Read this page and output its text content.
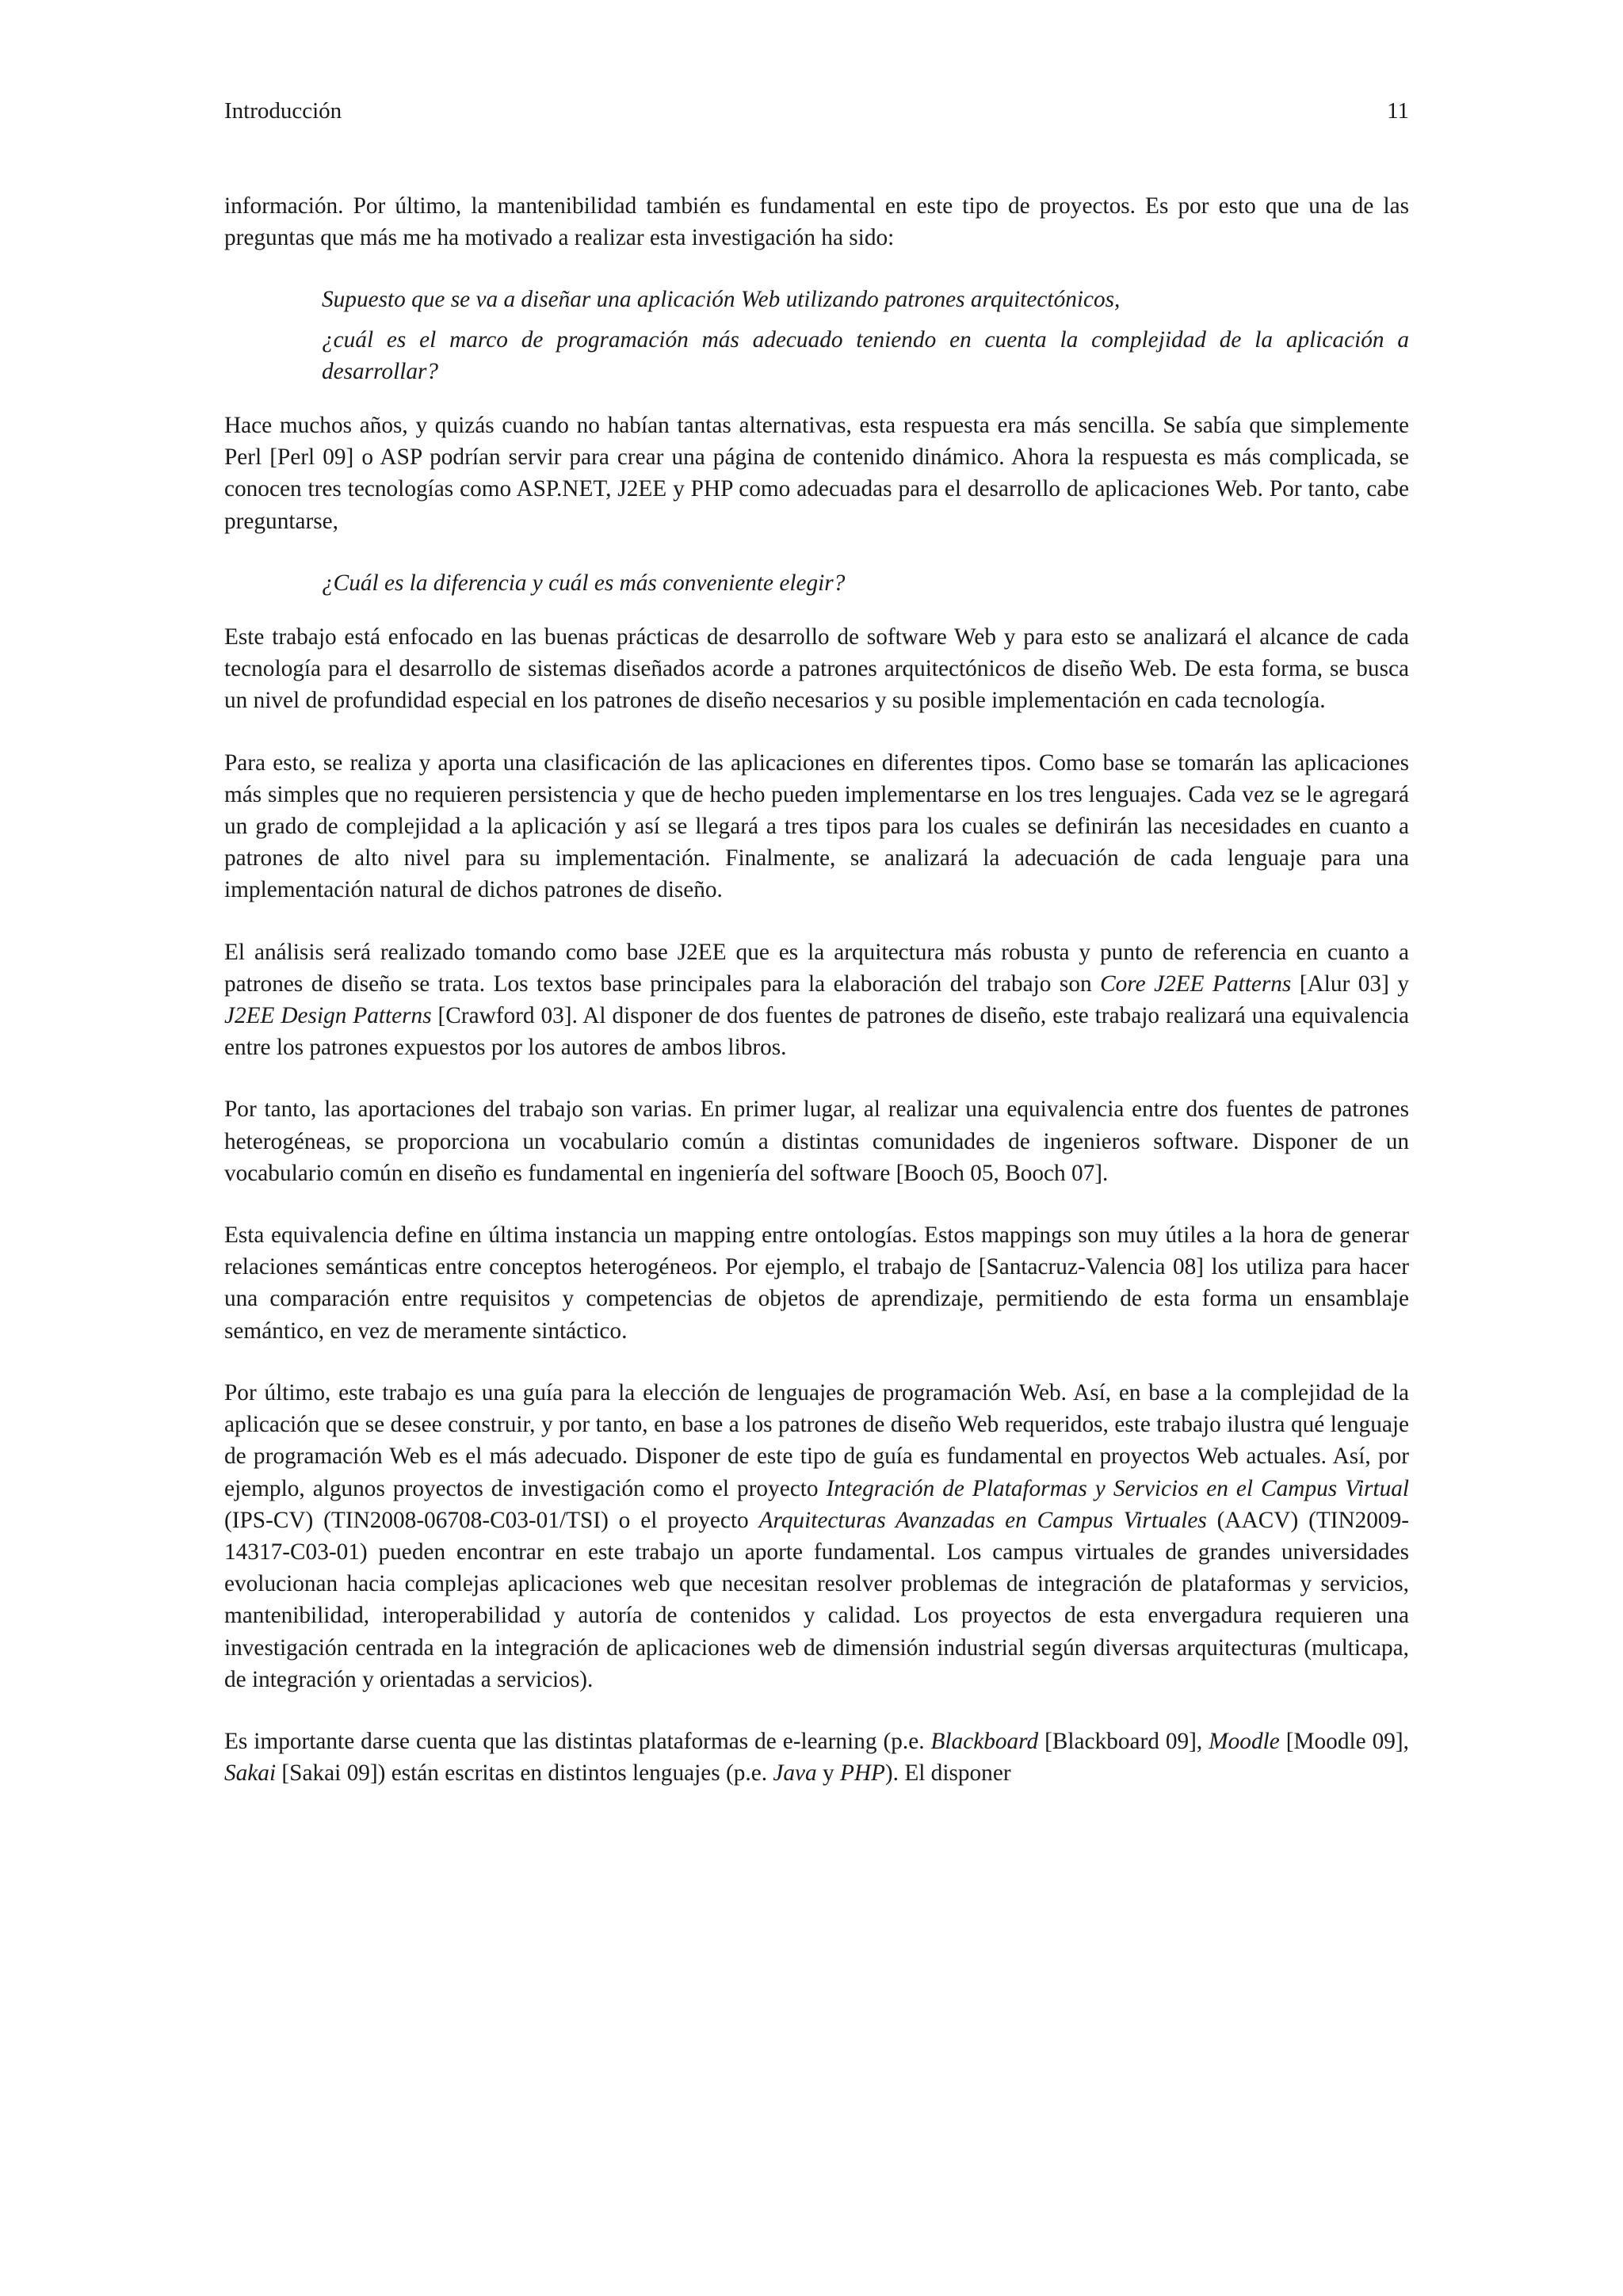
Introducción	11

información. Por último, la mantenibilidad también es fundamental en este tipo de proyectos. Es por esto que una de las preguntas que más me ha motivado a realizar esta investigación ha sido:

Supuesto que se va a diseñar una aplicación Web utilizando patrones arquitectónicos,

¿cuál es el marco de programación más adecuado teniendo en cuenta la complejidad de la aplicación a desarrollar?

Hace muchos años, y quizás cuando no habían tantas alternativas, esta respuesta era más sencilla. Se sabía que simplemente Perl [Perl 09] o ASP podrían servir para crear una página de contenido dinámico. Ahora la respuesta es más complicada, se conocen tres tecnologías como ASP.NET, J2EE y PHP como adecuadas para el desarrollo de aplicaciones Web. Por tanto, cabe preguntarse,

¿Cuál es la diferencia y cuál es más conveniente elegir?

Este trabajo está enfocado en las buenas prácticas de desarrollo de software Web y para esto se analizará el alcance de cada tecnología para el desarrollo de sistemas diseñados acorde a patrones arquitectónicos de diseño Web. De esta forma, se busca un nivel de profundidad especial en los patrones de diseño necesarios y su posible implementación en cada tecnología.

Para esto, se realiza y aporta una clasificación de las aplicaciones en diferentes tipos. Como base se tomarán las aplicaciones más simples que no requieren persistencia y que de hecho pueden implementarse en los tres lenguajes. Cada vez se le agregará un grado de complejidad a la aplicación y así se llegará a tres tipos para los cuales se definirán las necesidades en cuanto a patrones de alto nivel para su implementación. Finalmente, se analizará la adecuación de cada lenguaje para una implementación natural de dichos patrones de diseño.

El análisis será realizado tomando como base J2EE que es la arquitectura más robusta y punto de referencia en cuanto a patrones de diseño se trata. Los textos base principales para la elaboración del trabajo son Core J2EE Patterns [Alur 03] y J2EE Design Patterns [Crawford 03]. Al disponer de dos fuentes de patrones de diseño, este trabajo realizará una equivalencia entre los patrones expuestos por los autores de ambos libros.

Por tanto, las aportaciones del trabajo son varias. En primer lugar, al realizar una equivalencia entre dos fuentes de patrones heterogéneas, se proporciona un vocabulario común a distintas comunidades de ingenieros software. Disponer de un vocabulario común en diseño es fundamental en ingeniería del software [Booch 05, Booch 07].

Esta equivalencia define en última instancia un mapping entre ontologías. Estos mappings son muy útiles a la hora de generar relaciones semánticas entre conceptos heterogéneos. Por ejemplo, el trabajo de [Santacruz-Valencia 08] los utiliza para hacer una comparación entre requisitos y competencias de objetos de aprendizaje, permitiendo de esta forma un ensamblaje semántico, en vez de meramente sintáctico.

Por último, este trabajo es una guía para la elección de lenguajes de programación Web. Así, en base a la complejidad de la aplicación que se desee construir, y por tanto, en base a los patrones de diseño Web requeridos, este trabajo ilustra qué lenguaje de programación Web es el más adecuado. Disponer de este tipo de guía es fundamental en proyectos Web actuales. Así, por ejemplo, algunos proyectos de investigación como el proyecto Integración de Plataformas y Servicios en el Campus Virtual (IPS-CV) (TIN2008-06708-C03-01/TSI) o el proyecto Arquitecturas Avanzadas en Campus Virtuales (AACV) (TIN2009-14317-C03-01) pueden encontrar en este trabajo un aporte fundamental. Los campus virtuales de grandes universidades evolucionan hacia complejas aplicaciones web que necesitan resolver problemas de integración de plataformas y servicios, mantenibilidad, interoperabilidad y autoría de contenidos y calidad. Los proyectos de esta envergadura requieren una investigación centrada en la integración de aplicaciones web de dimensión industrial según diversas arquitecturas (multicapa, de integración y orientadas a servicios).

Es importante darse cuenta que las distintas plataformas de e-learning (p.e. Blackboard [Blackboard 09], Moodle [Moodle 09], Sakai [Sakai 09]) están escritas en distintos lenguajes (p.e. Java y PHP). El disponer
